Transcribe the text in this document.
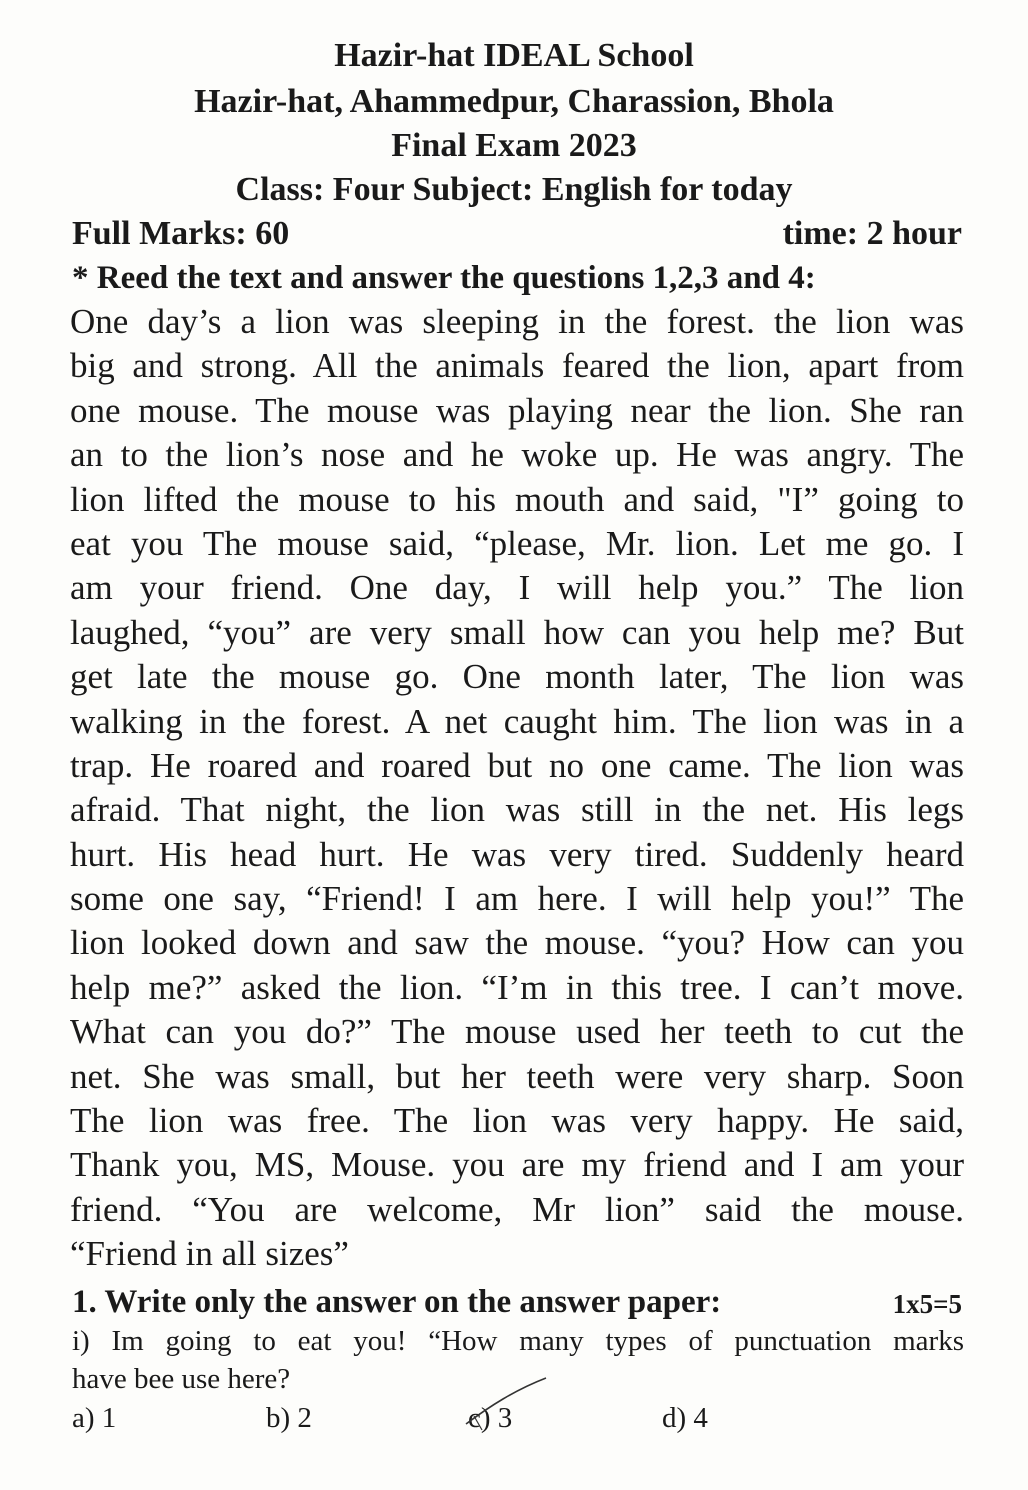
Hazir-hat IDEAL School
Hazir-hat, Ahammedpur, Charassion, Bhola
Final Exam 2023
Class: Four Subject: English for today
Full Marks: 60	time: 2 hour
* Reed the text and answer the questions 1,2,3 and 4:
One day’s a lion was sleeping in the forest. the lion was
big and strong. All the animals feared the lion, apart from
one mouse. The mouse was playing near the lion. She ran
an to the lion’s nose and he woke up. He was angry. The
lion lifted the mouse to his mouth and said, "I” going to
eat you The mouse said, “please, Mr. lion. Let me go. I
am your friend. One day, I will help you.” The lion
laughed, “you” are very small how can you help me? But
get late the mouse go. One month later, The lion was
walking in the forest. A net caught him. The lion was in a
trap. He roared and roared but no one came. The lion was
afraid. That night, the lion was still in the net. His legs
hurt. His head hurt. He was very tired. Suddenly heard
some one say, “Friend! I am here. I will help you!” The
lion looked down and saw the mouse. “you? How can you
help me?” asked the lion. “I’m in this tree. I can’t move.
What can you do?” The mouse used her teeth to cut the
net. She was small, but her teeth were very sharp. Soon
The lion was free. The lion was very happy. He said,
Thank you, MS, Mouse. you are my friend and I am your
friend. “You are welcome, Mr lion” said the mouse.
“Friend in all sizes”
1. Write only the answer on the answer paper:	1x5=5
i) Im going to eat you! “How many types of punctuation marks
have bee use here?
a) 1	b) 2	c) 3	d) 4
